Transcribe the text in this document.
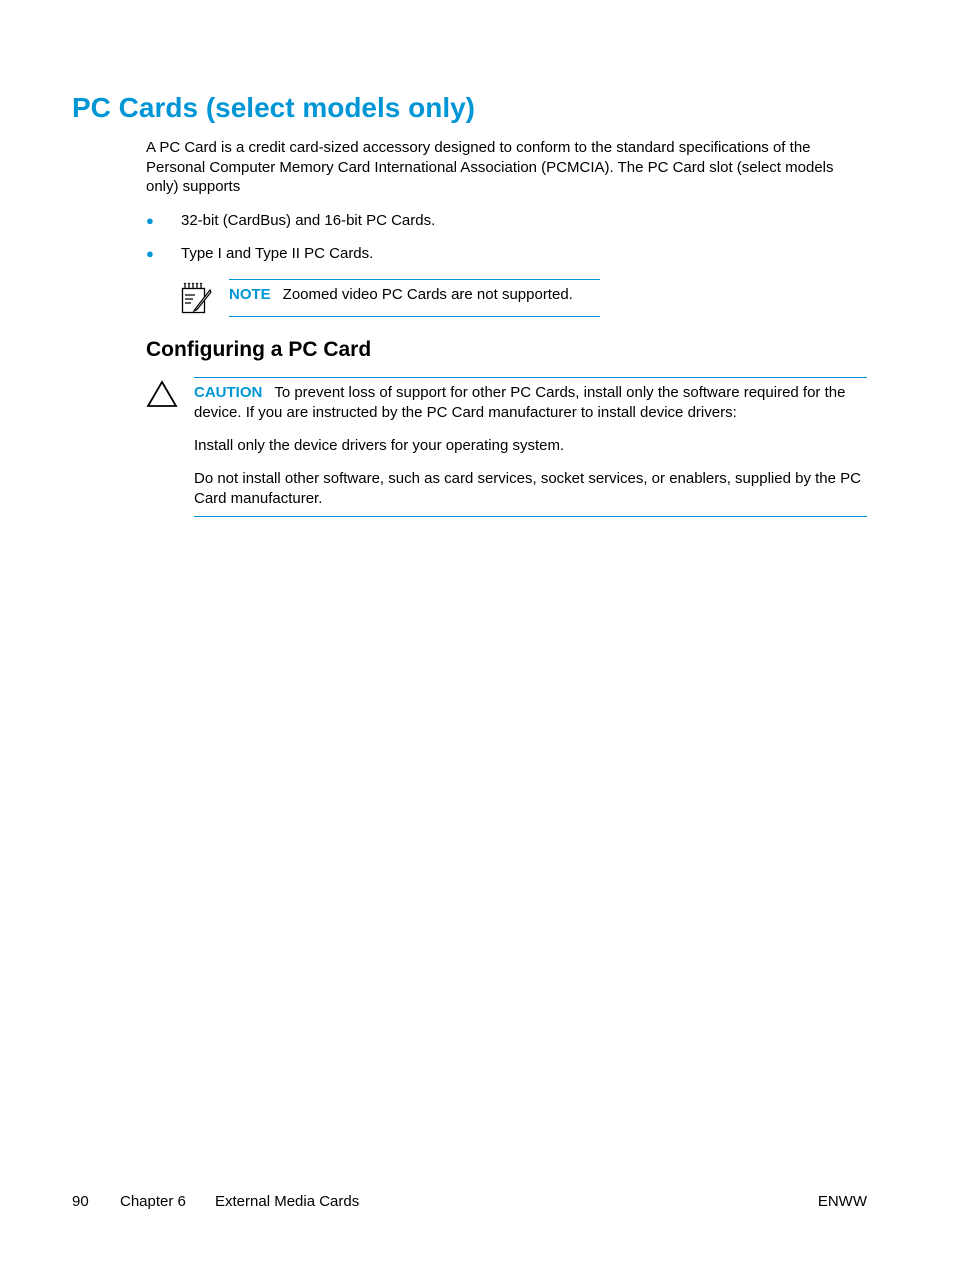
PC Cards (select models only)

A PC Card is a credit card-sized accessory designed to conform to the standard specifications of the Personal Computer Memory Card International Association (PCMCIA). The PC Card slot (select models only) supports

● 32-bit (CardBus) and 16-bit PC Cards.
● Type I and Type II PC Cards.
NOTE Zoomed video PC Cards are not supported.
Configuring a PC Card

CAUTION To prevent loss of support for other PC Cards, install only the software required for the device. If you are instructed by the PC Card manufacturer to install device drivers:

Install only the device drivers for your operating system.

Do not install other software, such as card services, socket services, or enablers, supplied by the PC Card manufacturer.

90 Chapter 6 External Media Cards	ENWW
